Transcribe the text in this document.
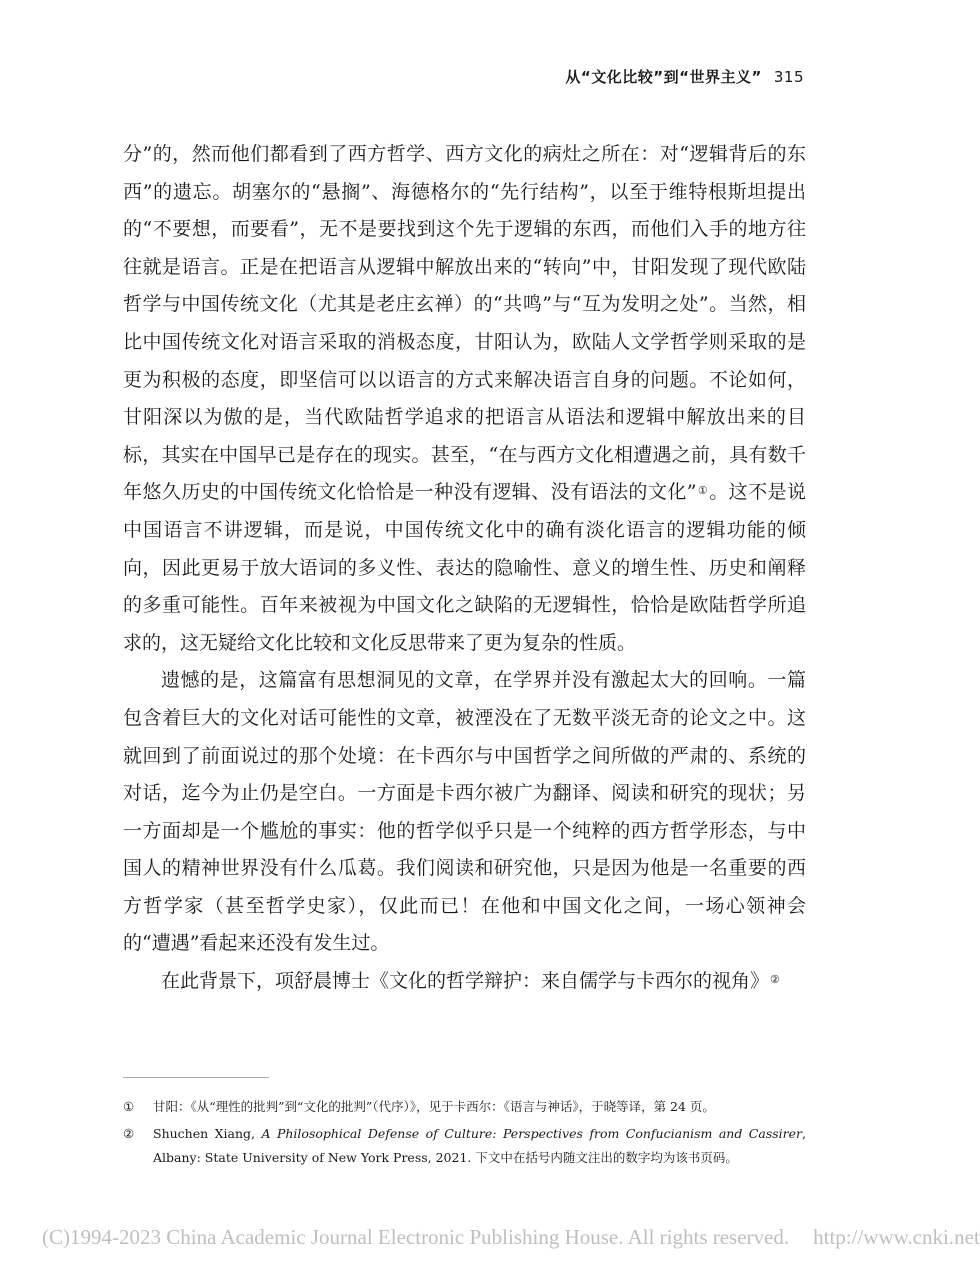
从“文化比较”到“世界主义” 315

分”的，然而他们都看到了西方哲学、西方文化的病灶之所在：对“逻辑背后的东西”的遗忘。胡塞尔的“悬搁”、海德格尔的“先行结构”，以至于维特根斯坦提出的“不要想，而要看”，无不是要找到这个先于逻辑的东西，而他们入手的地方往往就是语言。正是在把语言从逻辑中解放出来的“转向”中，甘阳发现了现代欧陆哲学与中国传统文化（尤其是老庄玄禅）的“共鸣”与“互为发明之处”。当然，相比中国传统文化对语言采取的消极态度，甘阳认为，欧陆人文学哲学则采取的是更为积极的态度，即坚信可以以语言的方式来解决语言自身的问题。不论如何，甘阳深以为傲的是，当代欧陆哲学追求的把语言从语法和逻辑中解放出来的目标，其实在中国早已是存在的现实。甚至，“在与西方文化相遭遇之前，具有数千年悠久历史的中国传统文化恰恰是一种没有逻辑、没有语法的文化”①。这不是说中国语言不讲逻辑，而是说，中国传统文化中的确有淡化语言的逻辑功能的倾向，因此更易于放大语词的多义性、表达的隐喻性、意义的增生性、历史和阐释的多重可能性。百年来被视为中国文化之缺陷的无逻辑性，恰恰是欧陆哲学所追求的，这无疑给文化比较和文化反思带来了更为复杂的性质。

遗憾的是，这篇富有思想洞见的文章，在学界并没有激起太大的回响。一篇包含着巨大的文化对话可能性的文章，被湮没在了无数平淡无奇的论文之中。这就回到了前面说过的那个处境：在卡西尔与中国哲学之间所做的严肃的、系统的对话，迄今为止仍是空白。一方面是卡西尔被广为翻译、阅读和研究的现状；另一方面却是一个尴尬的事实：他的哲学似乎只是一个纯粹的西方哲学形态，与中国人的精神世界没有什么瓜葛。我们阅读和研究他，只是因为他是一名重要的西方哲学家（甚至哲学史家），仅此而已！在他和中国文化之间，一场心领神会的“遭遇”看起来还没有发生过。

在此背景下，项舒晨博士《文化的哲学辩护：来自儒学与卡西尔的视角》②

①	甘阳：《从“理性的批判”到“文化的批判”（代序）》，见于卡西尔：《语言与神话》，于晓等译，第 24 页。
②	Shuchen Xiang, A Philosophical Defense of Culture: Perspectives from Confucianism and Cassirer, Albany: State University of New York Press, 2021. 下文中在括号内随文注出的数字均为该书页码。
(C)1994-2023 China Academic Journal Electronic Publishing House. All rights reserved. http://www.cnki.net
